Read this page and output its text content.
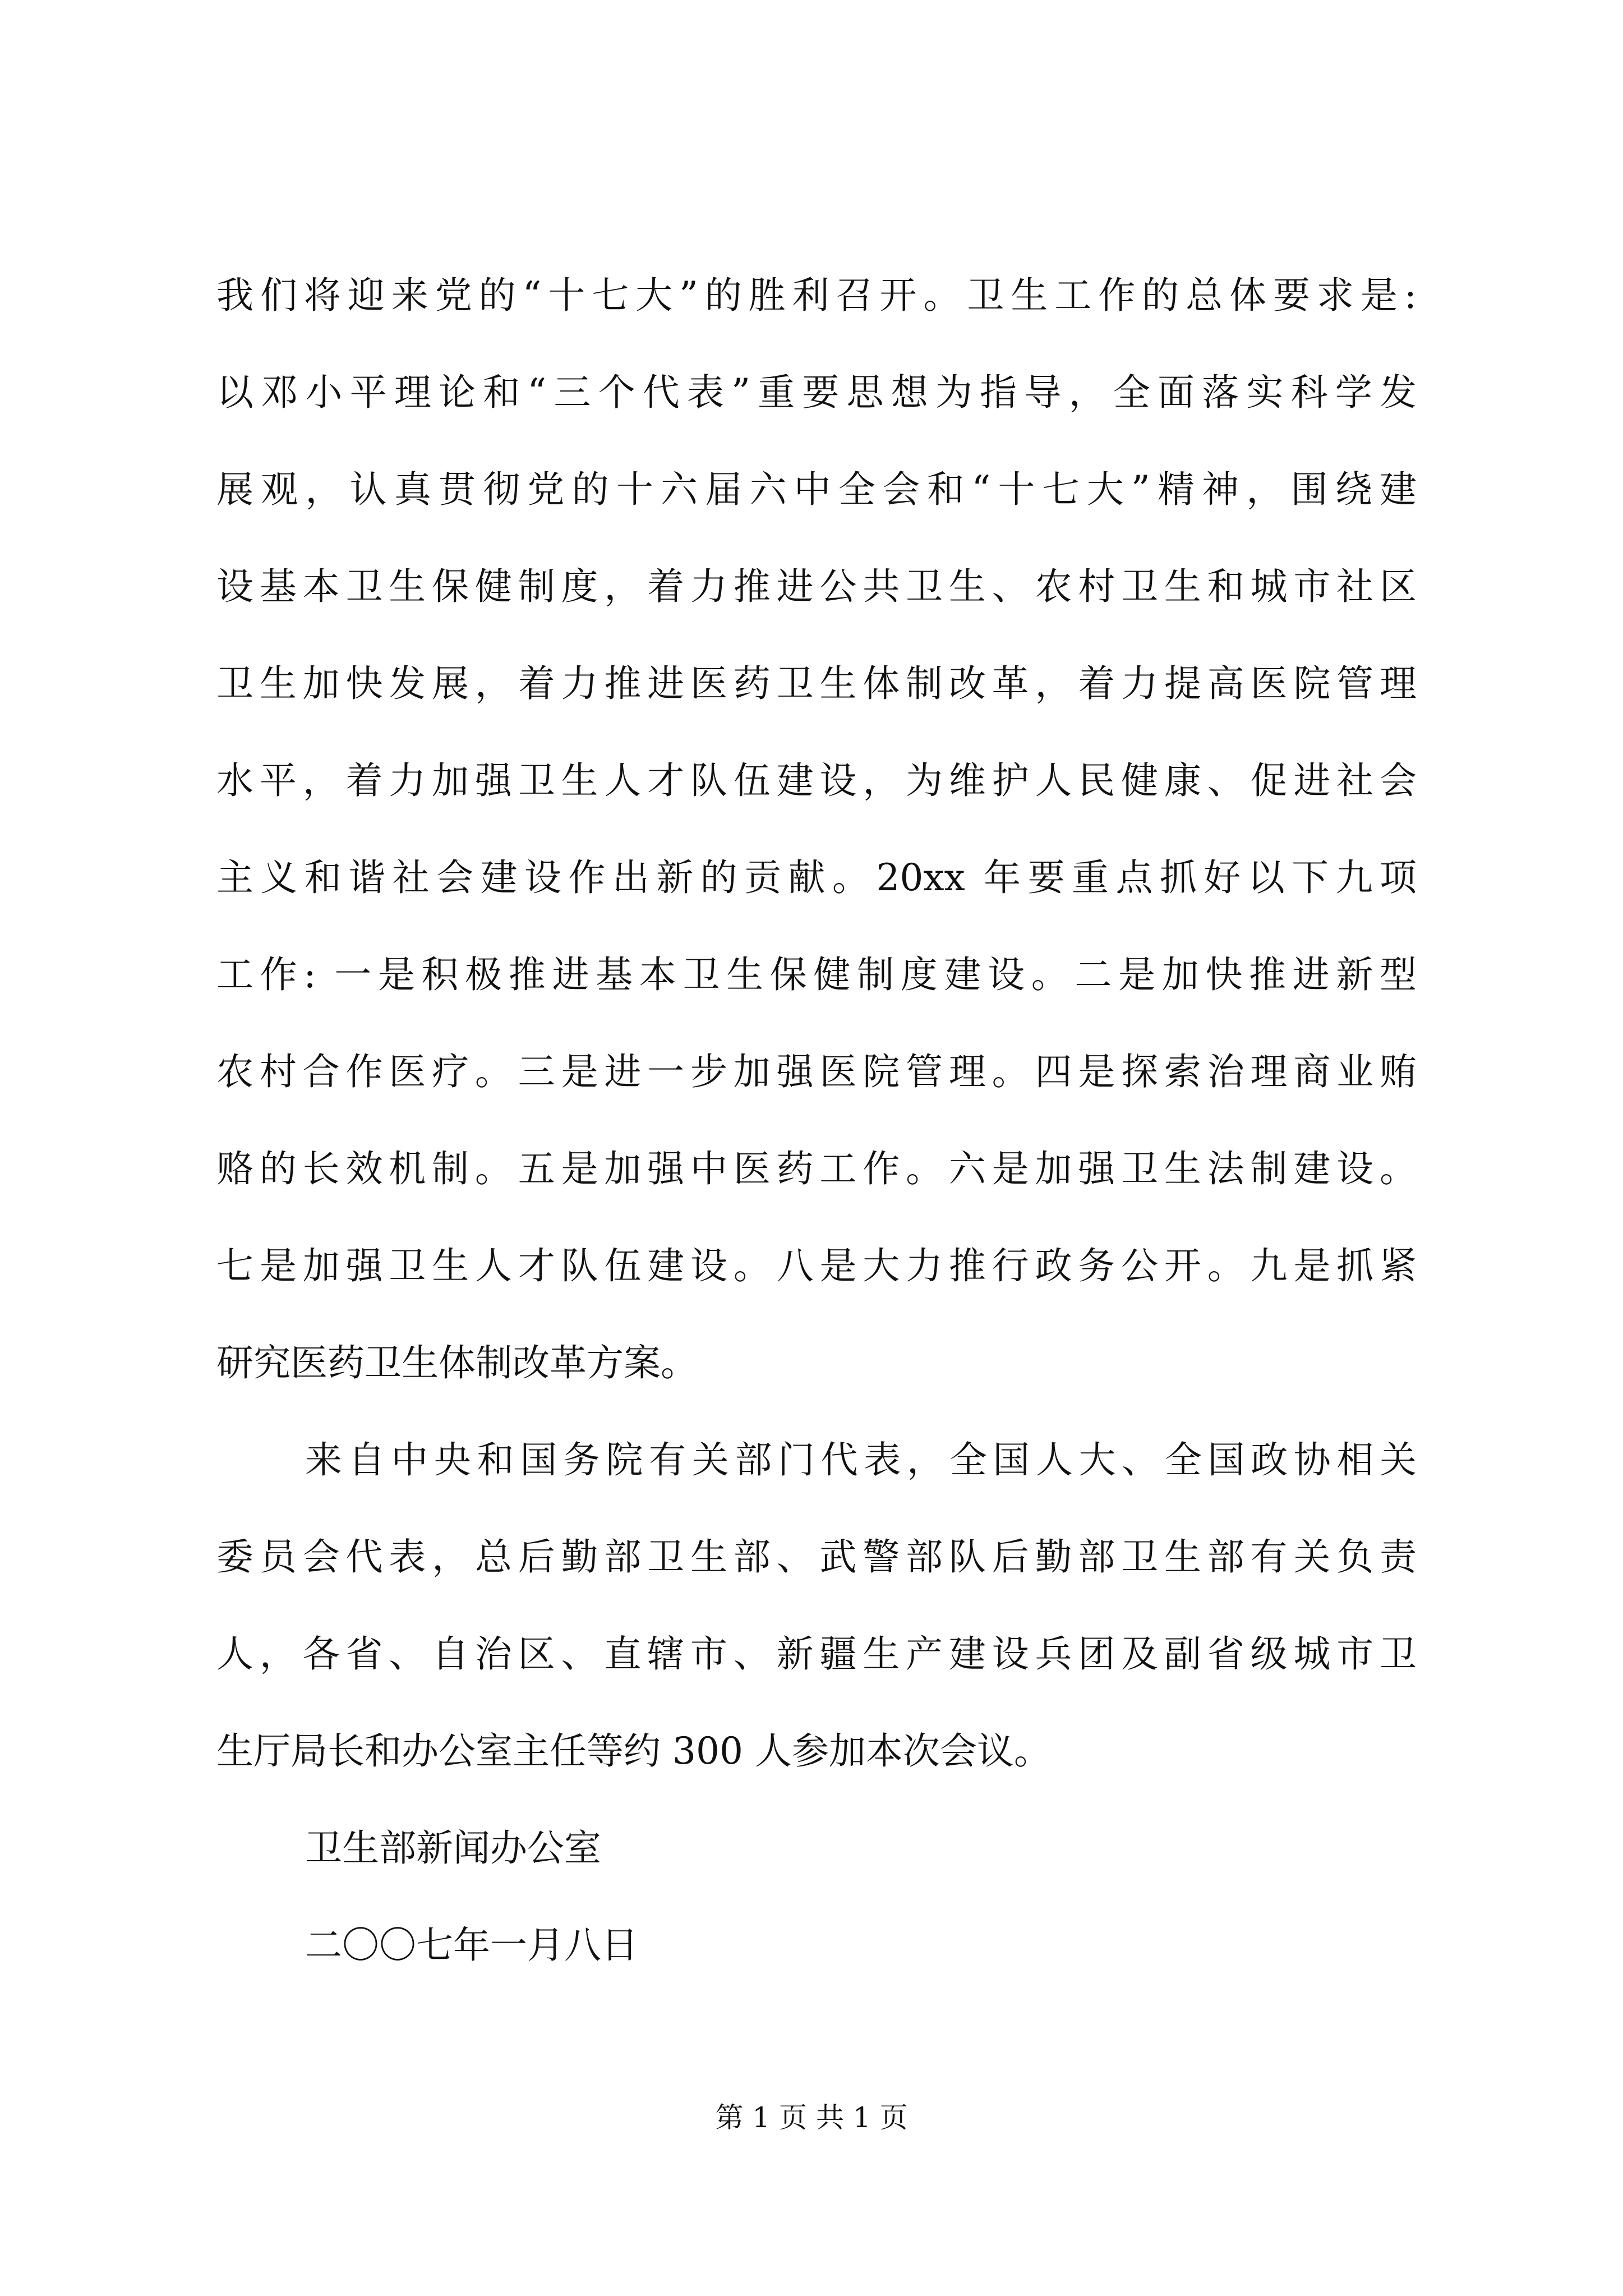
我们将迎来党的“十七大”的胜利召开。卫生工作的总体要求是:
以邓小平理论和“三个代表”重要思想为指导，全面落实科学发
展观，认真贯彻党的十六届六中全会和“十七大”精神，围绕建
设基本卫生保健制度，着力推进公共卫生、农村卫生和城市社区
卫生加快发展，着力推进医药卫生体制改革，着力提高医院管理
水平，着力加强卫生人才队伍建设，为维护人民健康、促进社会
主义和谐社会建设作出新的贡献。20xx 年要重点抓好以下九项
工作: 一是积极推进基本卫生保健制度建设。二是加快推进新型
农村合作医疗。三是进一步加强医院管理。四是探索治理商业贿
赂的长效机制。五是加强中医药工作。六是加强卫生法制建设。
七是加强卫生人才队伍建设。八是大力推行政务公开。九是抓紧
研究医药卫生体制改革方案。
来自中央和国务院有关部门代表，全国人大、全国政协相关
委员会代表，总后勤部卫生部、武警部队后勤部卫生部有关负责
人，各省、自治区、直辖市、新疆生产建设兵团及副省级城市卫
生厅局长和办公室主任等约 300 人参加本次会议。
卫生部新闻办公室
二〇〇七年一月八日
第 1 页 共 1 页
